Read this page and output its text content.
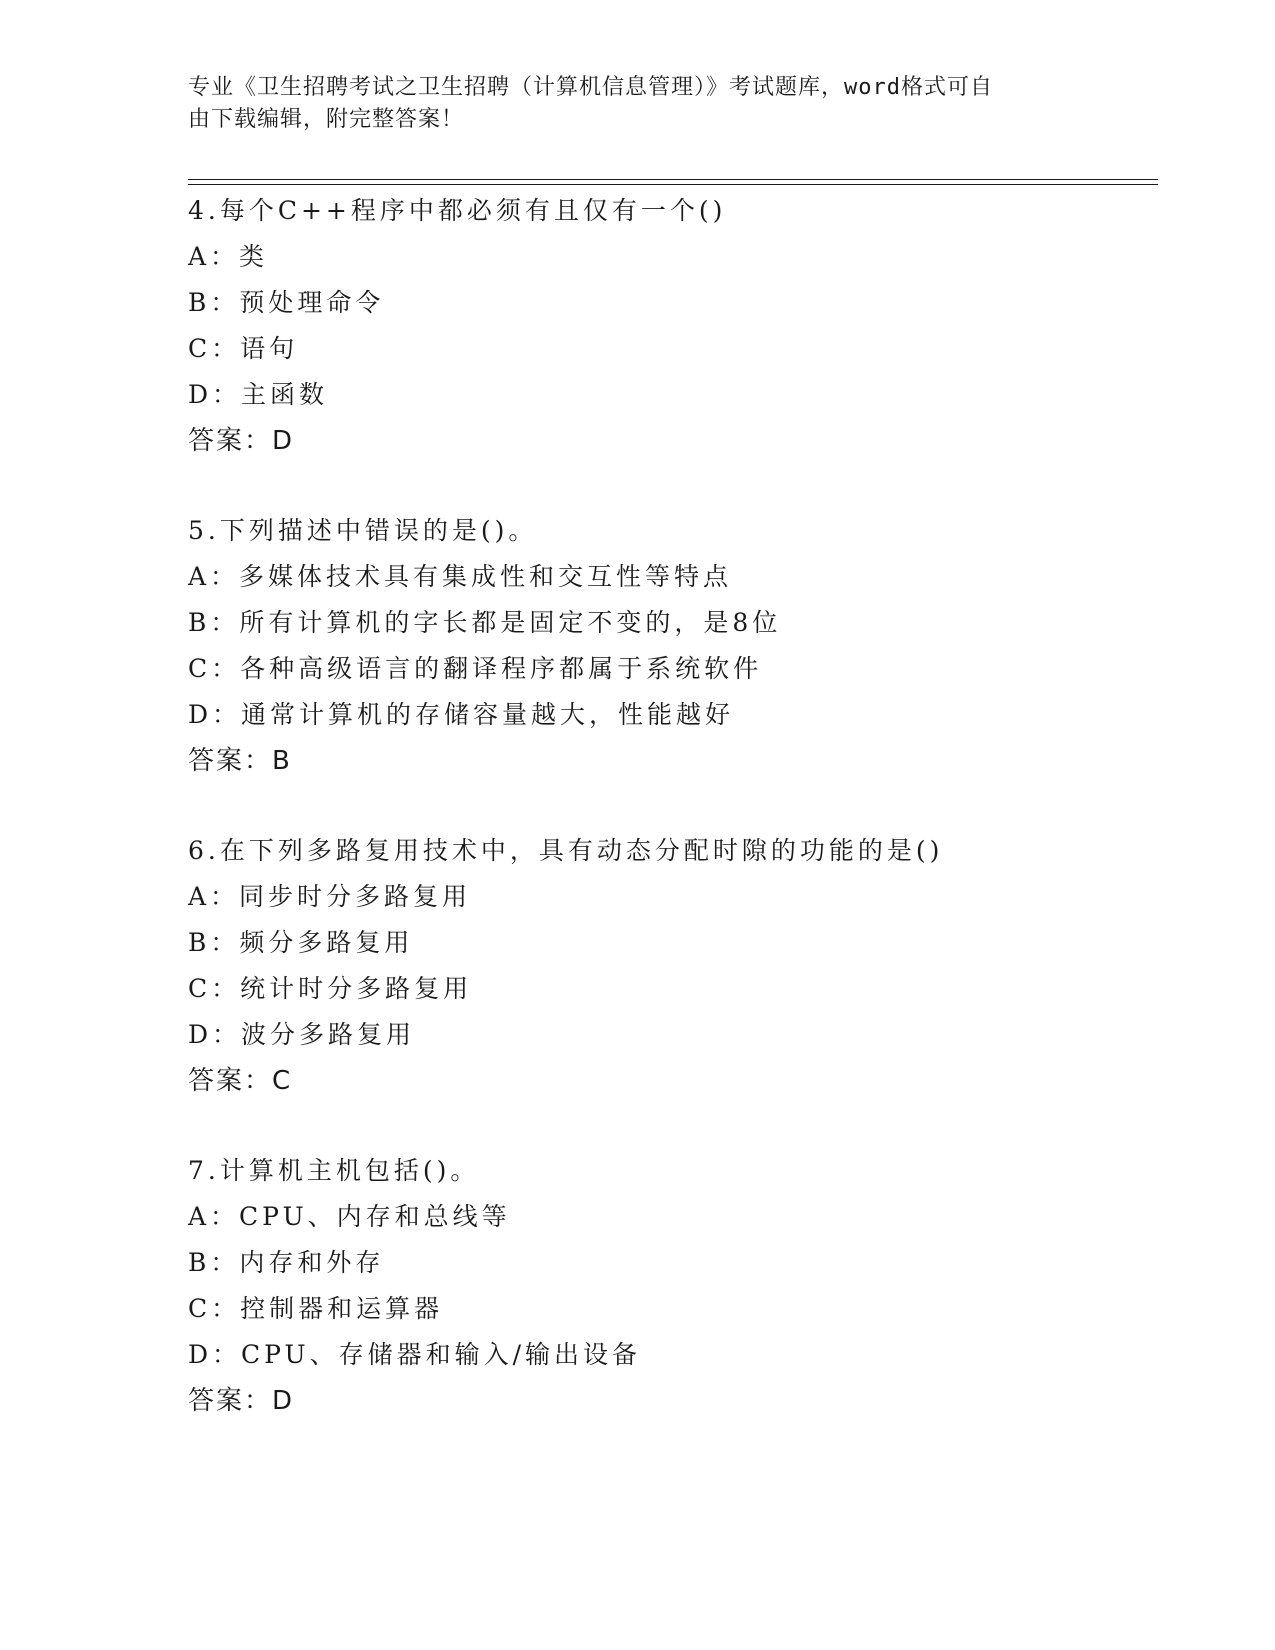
专业《卫生招聘考试之卫生招聘（计算机信息管理）》考试题库，word格式可自
由下载编辑，附完整答案！
4.每个C++程序中都必须有且仅有一个()
A：类
B：预处理命令
C：语句
D：主函数
答案：D
5.下列描述中错误的是()。
A：多媒体技术具有集成性和交互性等特点
B：所有计算机的字长都是固定不变的，是8位
C：各种高级语言的翻译程序都属于系统软件
D：通常计算机的存储容量越大，性能越好
答案：B
6.在下列多路复用技术中，具有动态分配时隙的功能的是()
A：同步时分多路复用
B：频分多路复用
C：统计时分多路复用
D：波分多路复用
答案：C
7.计算机主机包括()。
A：CPU、内存和总线等
B：内存和外存
C：控制器和运算器
D：CPU、存储器和输入/输出设备
答案：D
